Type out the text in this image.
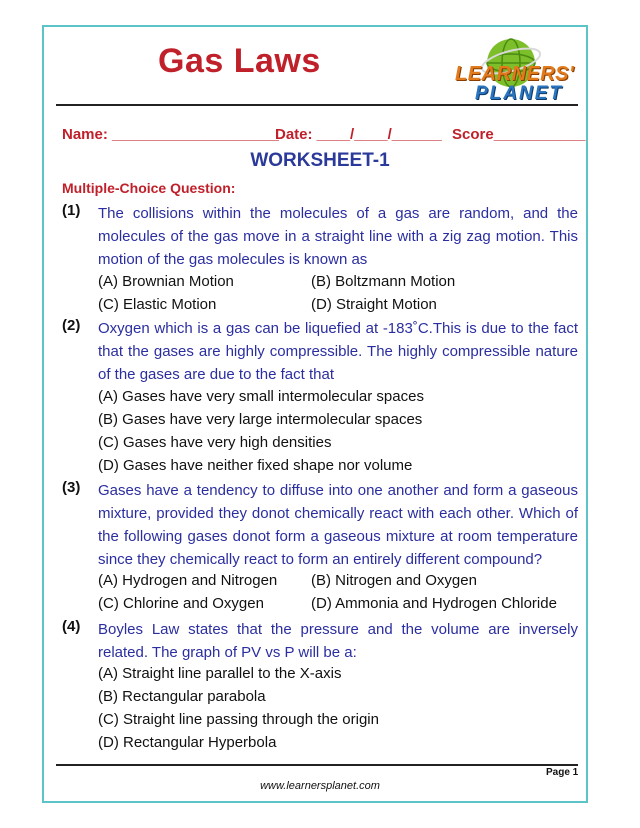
Gas Laws	LEARNERS'
PLANET
Name: ____________________
Date: ____/____/______ Score___________
WORKSHEET-1
Multiple-Choice Question:
(1) The collisions within the molecules of a gas are random, and the molecules of the gas move in a straight line with a zig zag motion. This motion of the gas molecules is known as
(A) Brownian Motion	(B) Boltzmann Motion
(C) Elastic Motion	(D) Straight Motion
(2) Oxygen which is a gas can be liquefied at -183˚C.This is due to the fact that the gases are highly compressible. The highly compressible nature of the gases are due to the fact that
(A) Gases have very small intermolecular spaces
(B) Gases have very large intermolecular spaces
(C) Gases have very high densities
(D) Gases have neither fixed shape nor volume
(3) Gases have a tendency to diffuse into one another and form a gaseous mixture, provided they donot chemically react with each other. Which of the following gases donot form a gaseous mixture at room temperature since they chemically react to form an entirely different compound?
(A) Hydrogen and Nitrogen (B) Nitrogen and Oxygen
(C) Chlorine and Oxygen	(D) Ammonia and Hydrogen Chloride
(4) Boyles Law states that the pressure and the volume are inversely related. The graph of PV vs P will be a:
(A) Straight line parallel to the X-axis
(B) Rectangular parabola
(C) Straight line passing through the origin
(D) Rectangular Hyperbola
Page 1
www.learnersplanet.com
